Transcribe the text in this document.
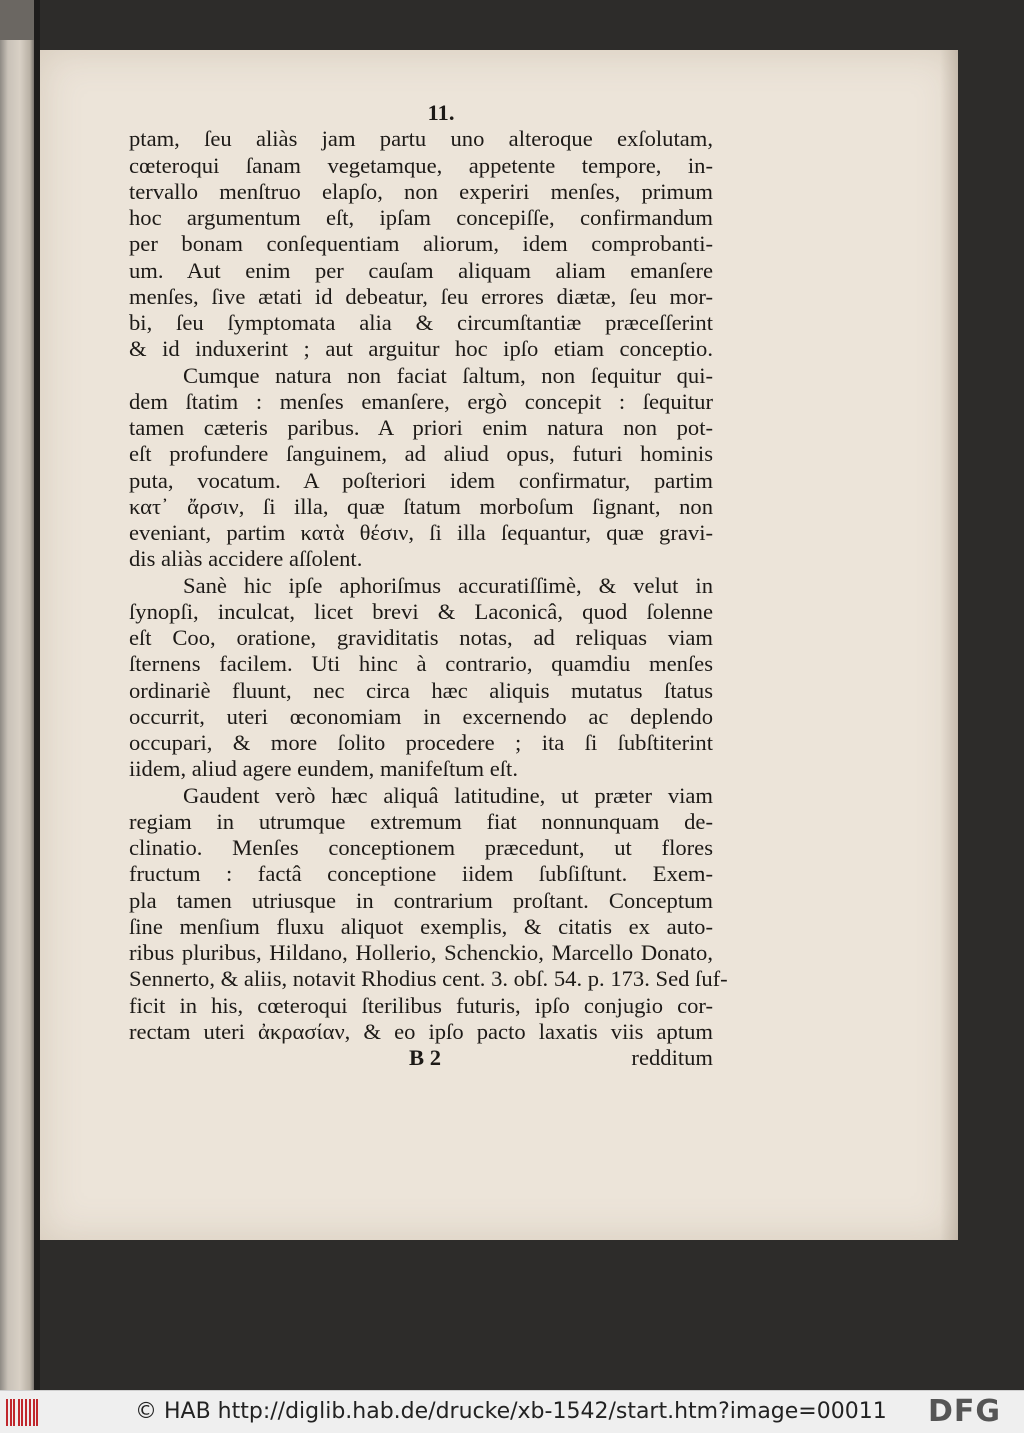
11.
ptam, ſeu aliàs jam partu uno alteroque exſolutam,
cœteroqui ſanam vegetamque, appetente tempore, in-
tervallo menſtruo elapſo, non experiri menſes, primum
hoc argumentum eſt, ipſam concepiſſe, confirmandum
per bonam conſequentiam aliorum, idem comprobanti-
um. Aut enim per cauſam aliquam aliam emanſere
menſes, ſive ætati id debeatur, ſeu errores diætæ, ſeu mor-
bi, ſeu ſymptomata alia & circumſtantiæ præceſſerint
& id induxerint ; aut arguitur hoc ipſo etiam conceptio.
Cumque natura non faciat ſaltum, non ſequitur qui-
dem ſtatim : menſes emanſere, ergò concepit : ſequitur
tamen cæteris paribus. A priori enim natura non pot-
eſt profundere ſanguinem, ad aliud opus, futuri hominis
puta, vocatum. A poſteriori idem confirmatur, partim
κατ᾽ ἄρσιν, ſi illa, quæ ſtatum morboſum ſignant, non
eveniant, partim κατὰ θέσιν, ſi illa ſequantur, quæ gravi-
dis aliàs accidere aſſolent.
Sanè hic ipſe aphoriſmus accuratiſſimè, & velut in
ſynopſi, inculcat, licet brevi & Laconicâ, quod ſolenne
eſt Coo, oratione, graviditatis notas, ad reliquas viam
ſternens facilem. Uti hinc à contrario, quamdiu menſes
ordinariè fluunt, nec circa hæc aliquis mutatus ſtatus
occurrit, uteri œconomiam in excernendo ac deplendo
occupari, & more ſolito procedere ; ita ſi ſubſtiterint
iidem, aliud agere eundem, manifeſtum eſt.
Gaudent verò hæc aliquâ latitudine, ut præter viam
regiam in utrumque extremum fiat nonnunquam de-
clinatio. Menſes conceptionem præcedunt, ut flores
fructum : factâ conceptione iidem ſubſiſtunt. Exem-
pla tamen utriusque in contrarium proſtant. Conceptum
ſine menſium fluxu aliquot exemplis, & citatis ex auto-
ribus pluribus, Hildano, Hollerio, Schenckio, Marcello Donato,
Sennerto, & aliis, notavit Rhodius cent. 3. obſ. 54. p. 173. Sed ſuf-
ficit in his, cœteroqui ſterilibus futuris, ipſo conjugio cor-
rectam uteri ἀκρασίαν, & eo ipſo pacto laxatis viis aptum
B 2	redditum
© HAB http://diglib.hab.de/drucke/xb-1542/start.htm?image=00011 DFG
